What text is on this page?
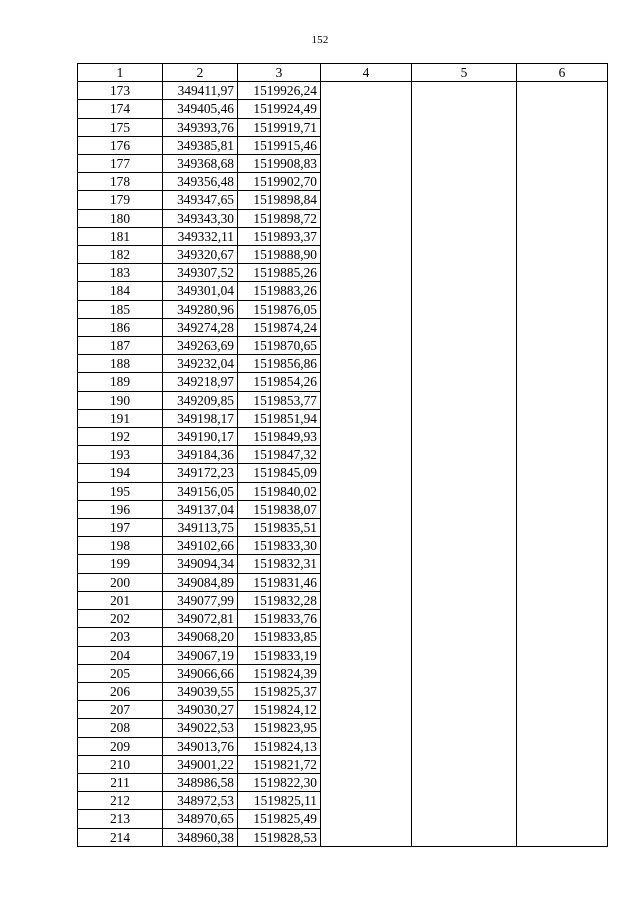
152
1	2	3	4	5	6
173	349411,97	1519926,24			
174	349405,46	1519924,49			
175	349393,76	1519919,71			
176	349385,81	1519915,46			
177	349368,68	1519908,83			
178	349356,48	1519902,70			
179	349347,65	1519898,84			
180	349343,30	1519898,72			
181	349332,11	1519893,37			
182	349320,67	1519888,90			
183	349307,52	1519885,26			
184	349301,04	1519883,26			
185	349280,96	1519876,05			
186	349274,28	1519874,24			
187	349263,69	1519870,65			
188	349232,04	1519856,86			
189	349218,97	1519854,26			
190	349209,85	1519853,77			
191	349198,17	1519851,94			
192	349190,17	1519849,93			
193	349184,36	1519847,32			
194	349172,23	1519845,09			
195	349156,05	1519840,02			
196	349137,04	1519838,07			
197	349113,75	1519835,51			
198	349102,66	1519833,30			
199	349094,34	1519832,31			
200	349084,89	1519831,46			
201	349077,99	1519832,28			
202	349072,81	1519833,76			
203	349068,20	1519833,85			
204	349067,19	1519833,19			
205	349066,66	1519824,39			
206	349039,55	1519825,37			
207	349030,27	1519824,12			
208	349022,53	1519823,95			
209	349013,76	1519824,13			
210	349001,22	1519821,72			
211	348986,58	1519822,30			
212	348972,53	1519825,11			
213	348970,65	1519825,49			
214	348960,38	1519828,53			
